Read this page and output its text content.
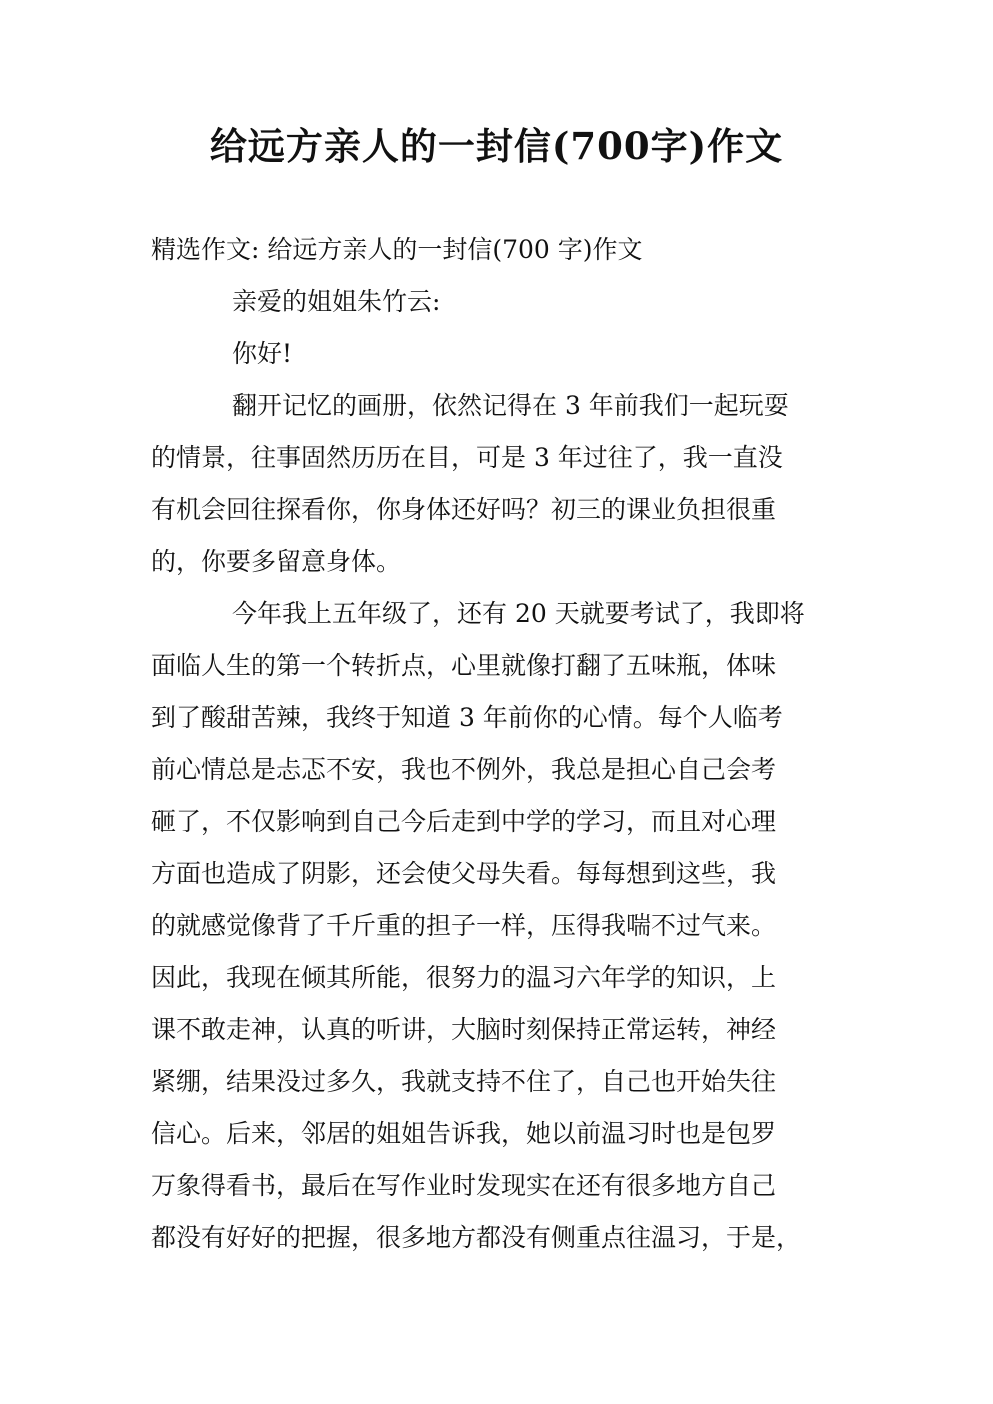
给远方亲人的一封信(700字)作文
精选作文: 给远方亲人的一封信(700 字)作文
亲爱的姐姐朱竹云:
你好!
翻开记忆的画册，依然记得在 3 年前我们一起玩耍
的情景，往事固然历历在目，可是 3 年过往了，我一直没
有机会回往探看你，你身体还好吗？初三的课业负担很重
的，你要多留意身体。
今年我上五年级了，还有 20 天就要考试了，我即将
面临人生的第一个转折点，心里就像打翻了五味瓶，体味
到了酸甜苦辣，我终于知道 3 年前你的心情。每个人临考
前心情总是忐忑不安，我也不例外，我总是担心自己会考
砸了，不仅影响到自己今后走到中学的学习，而且对心理
方面也造成了阴影，还会使父母失看。每每想到这些，我
的就感觉像背了千斤重的担子一样，压得我喘不过气来。
因此，我现在倾其所能，很努力的温习六年学的知识，上
课不敢走神，认真的听讲，大脑时刻保持正常运转，神经
紧绷，结果没过多久，我就支持不住了，自己也开始失往
信心。后来，邻居的姐姐告诉我，她以前温习时也是包罗
万象得看书，最后在写作业时发现实在还有很多地方自己
都没有好好的把握，很多地方都没有侧重点往温习，于是，
